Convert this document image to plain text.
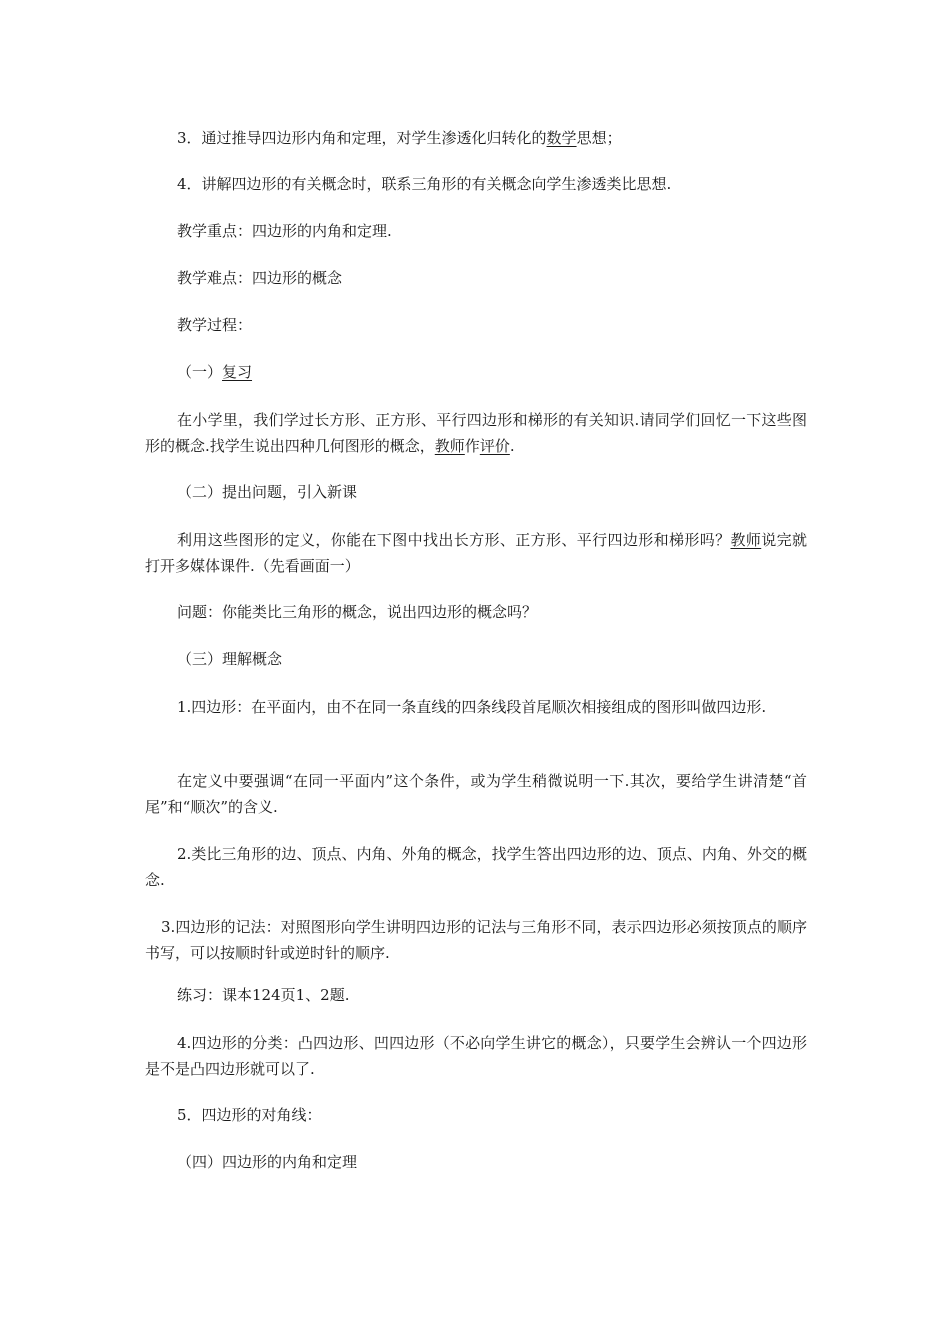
3．通过推导四边形内角和定理，对学生渗透化归转化的数学思想；
4．讲解四边形的有关概念时，联系三角形的有关概念向学生渗透类比思想.
教学重点：四边形的内角和定理.
教学难点：四边形的概念
教学过程：
（一）复习
在小学里，我们学过长方形、正方形、平行四边形和梯形的有关知识.请同学们回忆一下这些图形的概念.找学生说出四种几何图形的概念，教师作评价.
（二）提出问题，引入新课
利用这些图形的定义，你能在下图中找出长方形、正方形、平行四边形和梯形吗？教师说完就打开多媒体课件.（先看画面一）
问题：你能类比三角形的概念，说出四边形的概念吗？
（三）理解概念
1.四边形：在平面内，由不在同一条直线的四条线段首尾顺次相接组成的图形叫做四边形.
在定义中要强调“在同一平面内”这个条件，或为学生稍微说明一下.其次，要给学生讲清楚“首尾”和“顺次”的含义.
2.类比三角形的边、顶点、内角、外角的概念，找学生答出四边形的边、顶点、内角、外交的概念.
3.四边形的记法：对照图形向学生讲明四边形的记法与三角形不同，表示四边形必须按顶点的顺序书写，可以按顺时针或逆时针的顺序.
练习：课本124页1、2题.
4.四边形的分类：凸四边形、凹四边形（不必向学生讲它的概念），只要学生会辨认一个四边形是不是凸四边形就可以了.
5．四边形的对角线：
（四）四边形的内角和定理
